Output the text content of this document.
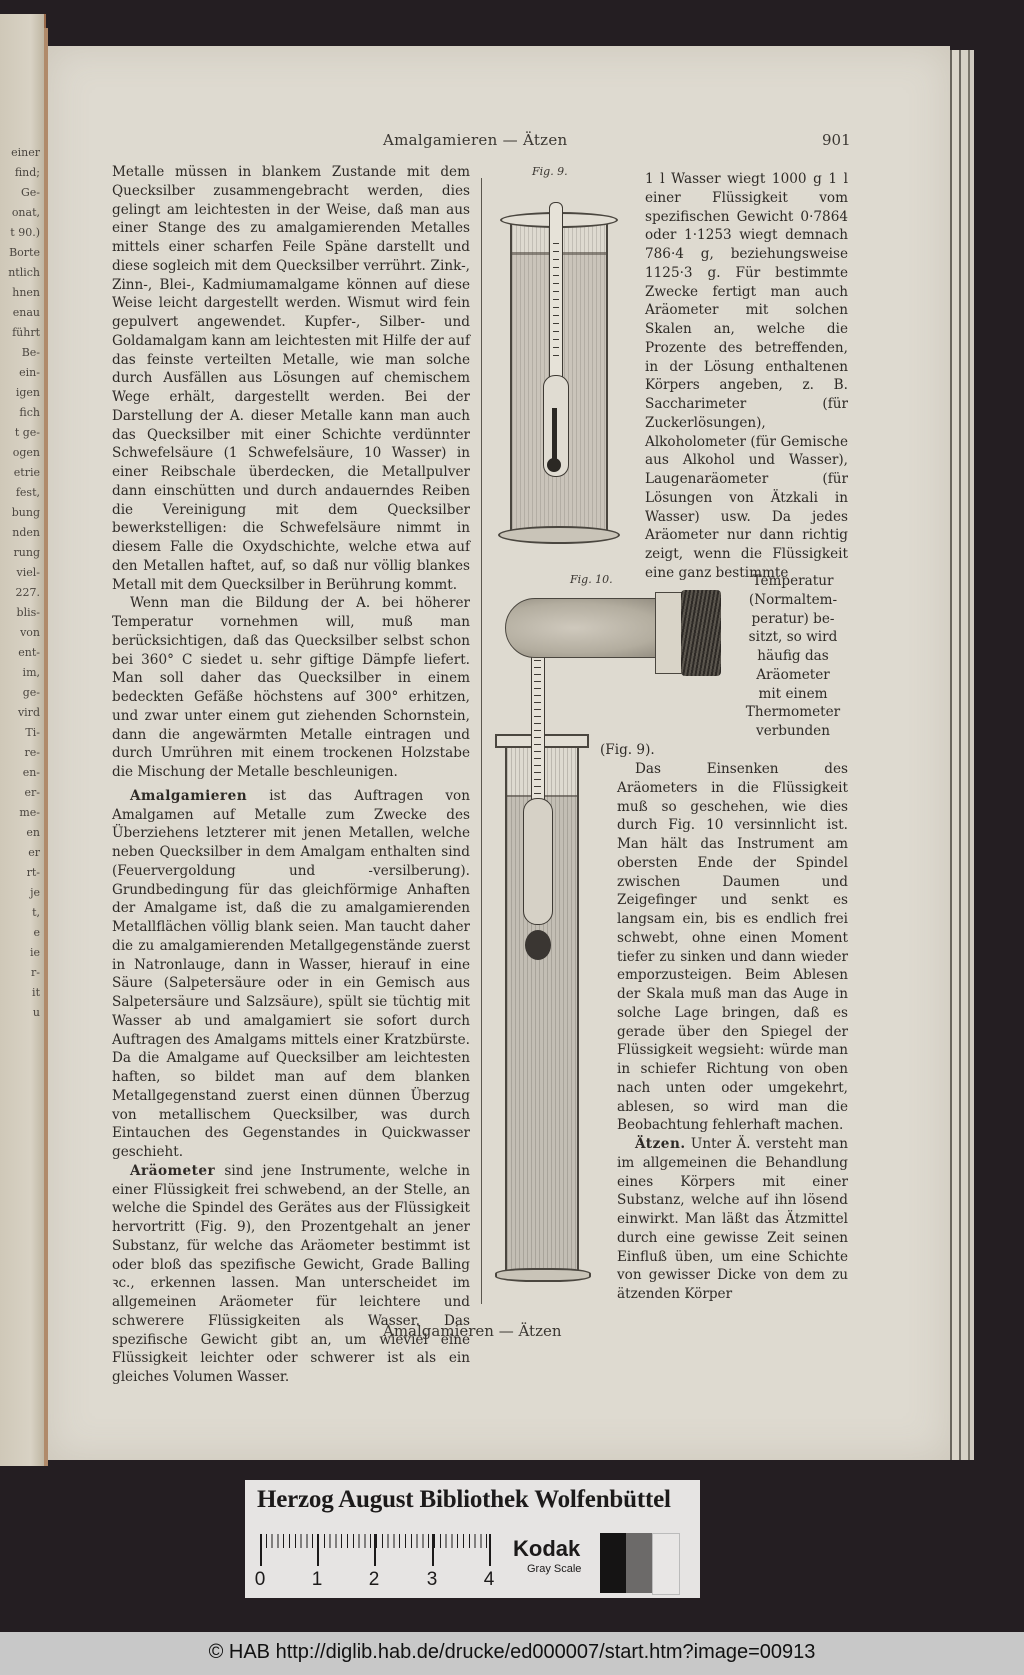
einer
find;
Ge-
onat,
t 90.)
Borte
ntlich
hnen
enau
führt
Be-
ein-
igen
fich
t ge-
ogen
etrie
fest,
bung
nden
rung
viel-
227.
blis-
von
ent-
im,
ge-
vird
Ti-
re-
en-
er-
me-
en
er
rt-
je
t,
e
ie
r-
it
u
Amalgamieren — Ätzen	901

Metalle müssen in blankem Zustande mit dem Quecksilber zusammengebracht werden, dies gelingt am leichtesten in der Weise, daß man aus einer Stange des zu amalgamierenden Metalles mittels einer scharfen Feile Späne darstellt und diese sogleich mit dem Quecksilber verrührt. Zink-, Zinn-, Blei-, Kadmiumamalgame können auf diese Weise leicht dargestellt werden. Wismut wird fein gepulvert angewendet. Kupfer-, Silber- und Goldamalgam kann am leichtesten mit Hilfe der auf das feinste verteilten Metalle, wie man solche durch Ausfällen aus Lösungen auf chemischem Wege erhält, dargestellt werden. Bei der Darstellung der A. dieser Metalle kann man auch das Quecksilber mit einer Schichte verdünnter Schwefelsäure (1 Schwefelsäure, 10 Wasser) in einer Reibschale überdecken, die Metallpulver dann einschütten und durch andauerndes Reiben die Vereinigung mit dem Quecksilber bewerkstelligen: die Schwefelsäure nimmt in diesem Falle die Oxydschichte, welche etwa auf den Metallen haftet, auf, so daß nur völlig blankes Metall mit dem Quecksilber in Berührung kommt.

Wenn man die Bildung der A. bei höherer Temperatur vornehmen will, muß man berücksichtigen, daß das Quecksilber selbst schon bei 360° C siedet u. sehr giftige Dämpfe liefert. Man soll daher das Quecksilber in einem bedeckten Gefäße höchstens auf 300° erhitzen, und zwar unter einem gut ziehenden Schornstein, dann die angewärmten Metalle eintragen und durch Umrühren mit einem trockenen Holzstabe die Mischung der Metalle beschleunigen.

Amalgamieren ist das Auftragen von Amalgamen auf Metalle zum Zwecke des Überziehens letzterer mit jenen Metallen, welche neben Quecksilber in dem Amalgam enthalten sind (Feuervergoldung und -versilberung). Grundbedingung für das gleichförmige Anhaften der Amalgame ist, daß die zu amalgamierenden Metallflächen völlig blank seien. Man taucht daher die zu amalgamierenden Metallgegenstände zuerst in Natronlauge, dann in Wasser, hierauf in eine Säure (Salpetersäure oder in ein Gemisch aus Salpetersäure und Salzsäure), spült sie tüchtig mit Wasser ab und amalgamiert sie sofort durch Auftragen des Amalgams mittels einer Kratzbürste. Da die Amalgame auf Quecksilber am leichtesten haften, so bildet man auf dem blanken Metallgegenstand zuerst einen dünnen Überzug von metallischem Quecksilber, was durch Eintauchen des Gegenstandes in Quickwasser geschieht.

Aräometer sind jene Instrumente, welche in einer Flüssigkeit frei schwebend, an der Stelle, an welche die Spindel des Gerätes aus der Flüssigkeit hervortritt (Fig. 9), den Prozentgehalt an jener Substanz, für welche das Aräometer bestimmt ist oder bloß das spezifische Gewicht, Grade Balling ꝛc., erkennen lassen. Man unterscheidet im allgemeinen Aräometer für leichtere und schwerere Flüssigkeiten als Wasser. Das spezifische Gewicht gibt an, um wieviel eine Flüssigkeit leichter oder schwerer ist als ein gleiches Volumen Wasser.

Fig. 9.	1 l Wasser wiegt 1000 g 1 l einer Flüssigkeit vom spezifischen Gewicht 0·7864 oder 1·1253 wiegt demnach 786·4 g, beziehungsweise 1125·3 g. Für bestimmte Zwecke fertigt man auch Aräometer mit solchen Skalen an, welche die Prozente des betreffenden, in der Lösung enthaltenen Körpers angeben, z. B. Saccharimeter (für Zuckerlösungen), Alkoholometer (für Gemische aus Alkohol und Wasser), Laugenaräometer (für Lösungen von Ätzkali in Wasser) usw. Da jedes Aräometer nur dann richtig zeigt, wenn die Flüssigkeit eine ganz bestimmte
Fig. 10.	Temperatur
(Normaltem-
peratur) be-
sitzt, so wird
häufig das
Aräometer
mit einem
Thermometer
verbunden
(Fig. 9).

Das Einsenken des Aräometers in die Flüssigkeit muß so geschehen, wie dies durch Fig. 10 versinnlicht ist. Man hält das Instrument am obersten Ende der Spindel zwischen Daumen und Zeigefinger und senkt es langsam ein, bis es endlich frei schwebt, ohne einen Moment tiefer zu sinken und dann wieder emporzusteigen. Beim Ablesen der Skala muß man das Auge in solche Lage bringen, daß es gerade über den Spiegel der Flüssigkeit wegsieht: würde man in schiefer Richtung von oben nach unten oder umgekehrt, ablesen, so wird man die Beobachtung fehlerhaft machen.

Ätzen. Unter Ä. versteht man im allgemeinen die Behandlung eines Körpers mit einer Substanz, welche auf ihn lösend einwirkt. Man läßt das Ätzmittel durch eine gewisse Zeit seinen Einfluß üben, um eine Schichte von gewisser Dicke von dem zu ätzenden Körper

Amalgamieren — Ätzen
Herzog August Bibliothek Wolfenbüttel
0 1 2 3 4
Kodak
Gray Scale
© HAB http://diglib.hab.de/drucke/ed000007/start.htm?image=00913
